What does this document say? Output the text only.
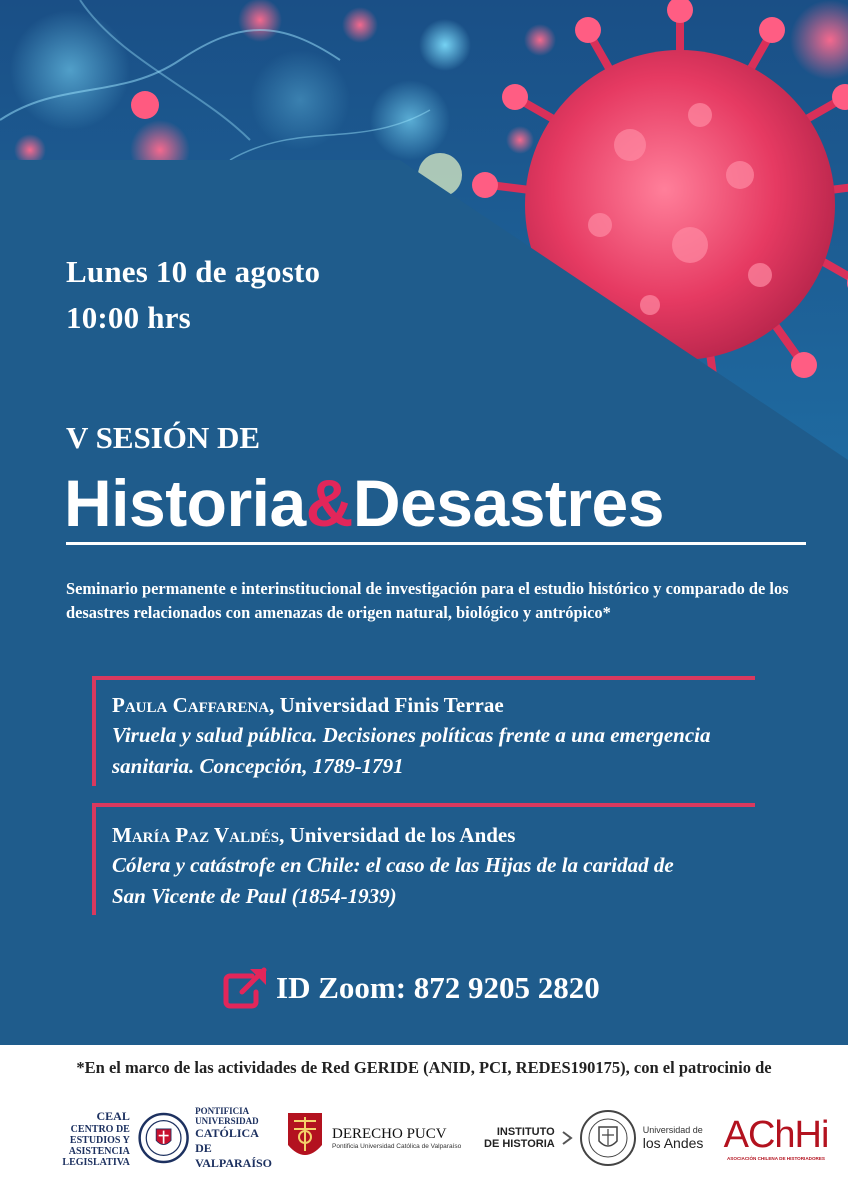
Lunes 10 de agosto
10:00 hrs
V SESIÓN DE
Historia&Desastres
Seminario permanente e interinstitucional de investigación para el estudio histórico y comparado de los desastres relacionados con amenazas de origen natural, biológico y antrópico*
Paula Caffarena, Universidad Finis Terrae
Viruela y salud pública. Decisiones políticas frente a una emergencia sanitaria. Concepción, 1789-1791
María Paz Valdés, Universidad de los Andes
Cólera y catástrofe en Chile: el caso de las Hijas de la caridad de San Vicente de Paul (1854-1939)
ID Zoom: 872 9205 2820
*En el marco de las actividades de Red GERIDE (ANID, PCI, REDES190175), con el patrocinio de
CEAL
CENTRO DE ESTUDIOS Y
ASISTENCIA LEGISLATIVA
PONTIFICIA
UNIVERSIDAD
CATÓLICA DE
VALPARAÍSO
DERECHO PUCV
Pontificia Universidad Católica de Valparaíso
INSTITUTO
DE HISTORIA
Universidad de
los Andes AChHi
ASOCIACIÓN CHILENA DE HISTORIADORES
